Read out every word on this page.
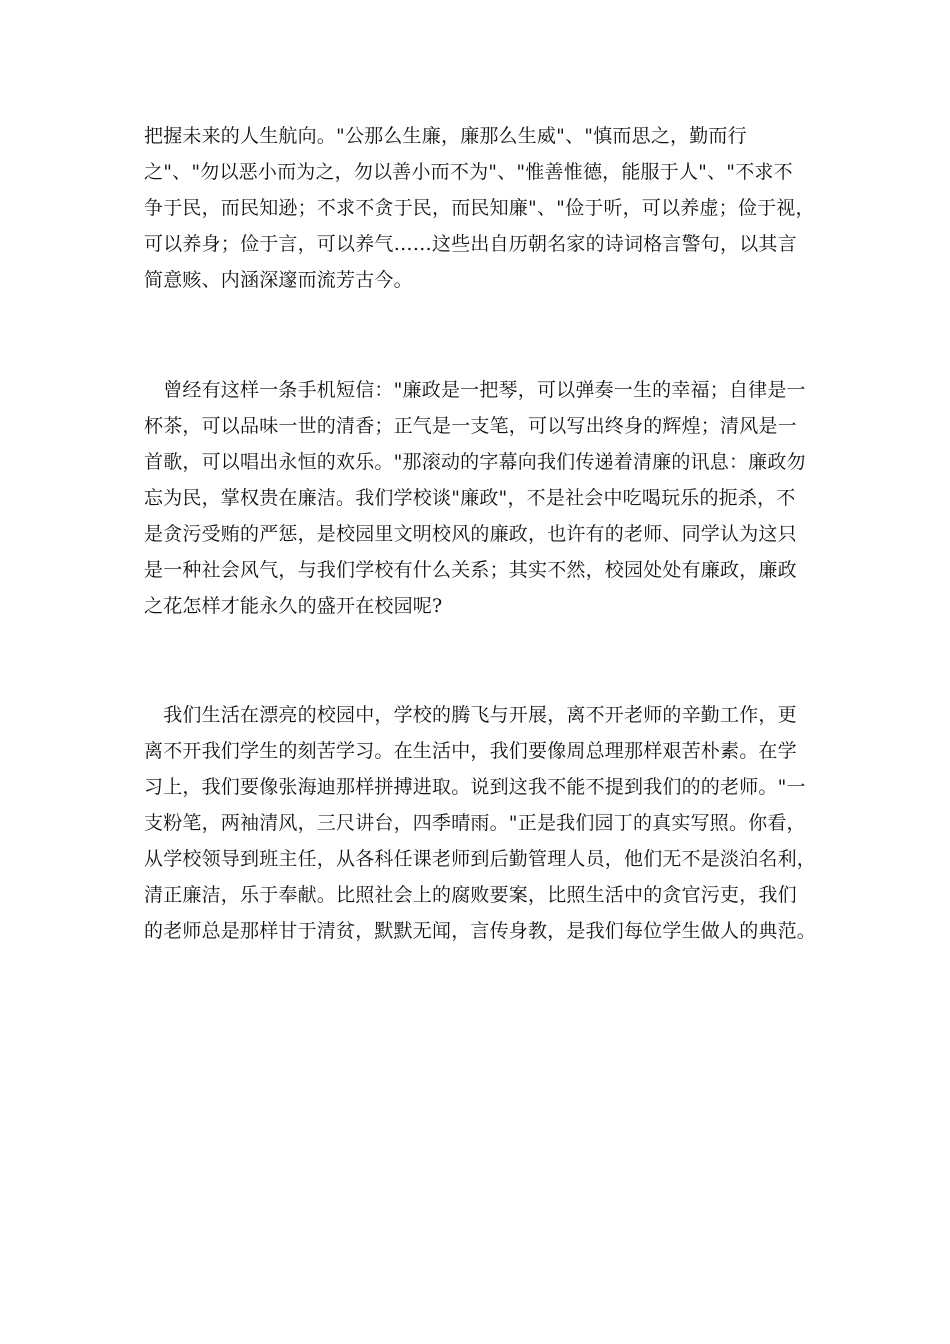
把握未来的人生航向。"公那么生廉，廉那么生威"、"慎而思之，勤而行
之"、"勿以恶小而为之，勿以善小而不为"、"惟善惟德，能服于人"、"不求不
争于民，而民知逊；不求不贪于民，而民知廉"、"俭于听，可以养虚；俭于视，
可以养身；俭于言，可以养气……这些出自历朝名家的诗词格言警句，以其言
简意赅、内涵深邃而流芳古今。
　曾经有这样一条手机短信："廉政是一把琴，可以弹奏一生的幸福；自律是一
杯茶，可以品味一世的清香；正气是一支笔，可以写出终身的辉煌；清风是一
首歌，可以唱出永恒的欢乐。"那滚动的字幕向我们传递着清廉的讯息：廉政勿
忘为民，掌权贵在廉洁。我们学校谈"廉政"，不是社会中吃喝玩乐的扼杀，不
是贪污受贿的严惩，是校园里文明校风的廉政，也许有的老师、同学认为这只
是一种社会风气，与我们学校有什么关系；其实不然，校园处处有廉政，廉政
之花怎样才能永久的盛开在校园呢?
　我们生活在漂亮的校园中，学校的腾飞与开展，离不开老师的辛勤工作，更
离不开我们学生的刻苦学习。在生活中，我们要像周总理那样艰苦朴素。在学
习上，我们要像张海迪那样拼搏进取。说到这我不能不提到我们的的老师。"一
支粉笔，两袖清风，三尺讲台，四季晴雨。"正是我们园丁的真实写照。你看，
从学校领导到班主任，从各科任课老师到后勤管理人员，他们无不是淡泊名利，
清正廉洁，乐于奉献。比照社会上的腐败要案，比照生活中的贪官污吏，我们
的老师总是那样甘于清贫，默默无闻，言传身教，是我们每位学生做人的典范。
